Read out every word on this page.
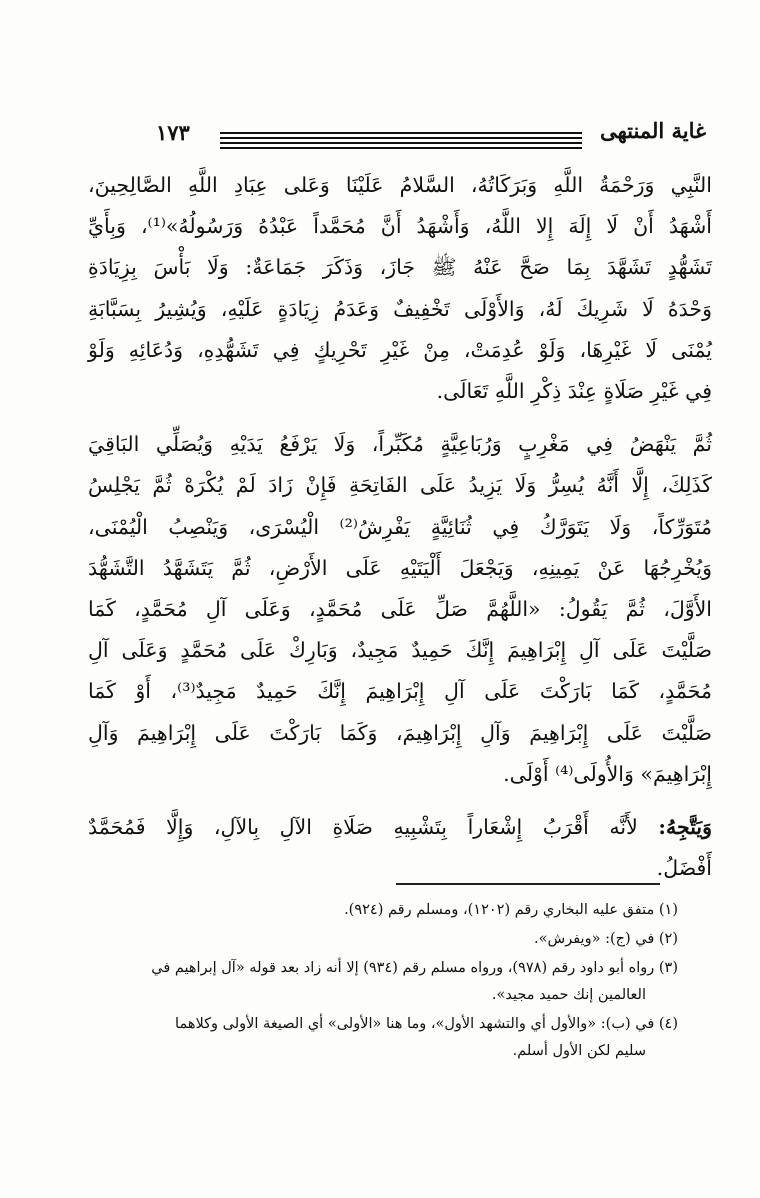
غاية المنتهى
١٧٣

النَّبِي وَرَحْمَةُ اللَّهِ وَبَرَكَاتُهُ، السَّلامُ عَلَيْنَا وَعَلى عِبَادِ اللَّهِ الصَّالِحِينَ،
أَشْهَدُ أَنْ لَا إِلَهَ إِلا اللَّهُ، وَأَشْهَدُ أَنَّ مُحَمَّداً عَبْدُهُ وَرَسُولُهُ»⁽¹⁾، وَبِأَيِّ
تَشَهُّدٍ تَشَهَّدَ بِمَا صَحَّ عَنْهُ ﷺ جَازَ، وَذَكَرَ جَمَاعَةٌ: وَلَا بَأْسَ بِزِيَادَةِ
وَحْدَهُ لَا شَرِيكَ لَهُ، وَالأَوْلَى تَخْفِيفٌ وَعَدَمُ زِيَادَةٍ عَلَيْهِ، وَيُشِيرُ بِسَبَّابَةِ
يُمْنَى لَا غَيْرِهَا، وَلَوْ عُدِمَتْ، مِنْ غَيْرِ تَحْرِيكٍ فِي تَشَهُّدِهِ، وَدُعَائِهِ وَلَوْ
فِي غَيْرِ صَلَاةٍ عِنْدَ ذِكْرِ اللَّهِ تَعَالَى.

ثُمَّ يَنْهَضُ فِي مَغْرِبٍ وَرُبَاعِيَّةٍ مُكَبِّراً، وَلَا يَرْفَعُ يَدَيْهِ وَيُصَلِّي البَاقِيَ
كَذَلِكَ، إِلَّا أَنَّهُ يُسِرُّ وَلَا يَزِيدُ عَلَى الفَاتِحَةِ فَإِنْ زَادَ لَمْ يُكْرَهْ ثُمَّ يَجْلِسُ
مُتَوَرِّكاً، وَلَا يَتَوَرَّكُ فِي ثُنَائِيَّةٍ يَفْرِشُ⁽²⁾ الْيُسْرَى، وَيَنْصِبُ الْيُمْنَى،
وَيُخْرِجُهَا عَنْ يَمِينِهِ، وَيَجْعَلَ أَلْيَتَيْهِ عَلَى الأَرْضِ، ثُمَّ يَتَشَهَّدُ التَّشَهُّدَ
الأَوَّلَ، ثُمَّ يَقُولُ: «اللَّهُمَّ صَلِّ عَلَى مُحَمَّدٍ، وَعَلَى آلِ مُحَمَّدٍ، كَمَا
صَلَّيْتَ عَلَى آلِ إِبْرَاهِيمَ إِنَّكَ حَمِيدٌ مَجِيدٌ، وَبَارِكْ عَلَى مُحَمَّدٍ وَعَلَى آلِ
مُحَمَّدٍ، كَمَا بَارَكْتَ عَلَى آلِ إِبْرَاهِيمَ إِنَّكَ حَمِيدٌ مَجِيدٌ⁽³⁾، أَوْ كَمَا
صَلَّيْتَ عَلَى إِبْرَاهِيمَ وَآلِ إِبْرَاهِيمَ، وَكَمَا بَارَكْتَ عَلَى إِبْرَاهِيمَ وَآلِ
إِبْرَاهِيمَ» وَالأُولَى⁽⁴⁾ أَوْلَى.

وَيَتَّجِهُ: لأَنَّه أَقْرَبُ إِشْعَاراً بِتَشْبِيهِ صَلَاةِ الآلِ بِالآلِ، وَإِلَّا فَمُحَمَّدٌ
أَفْضَلُ.

(١) متفق عليه البخاري رقم (١٢٠٢)، ومسلم رقم (٩٢٤).

(٢) في (ج): «ويفرش».

(٣) رواه أبو داود رقم (٩٧٨)، ورواه مسلم رقم (٩٣٤) إلا أنه زاد بعد قوله «آل إبراهيم في
العالمين إنك حميد مجيد».

(٤) في (ب): «والأول أي والتشهد الأول»، وما هنا «الأولى» أي الصيغة الأولى وكلاهما
سليم لكن الأول أسلم.
